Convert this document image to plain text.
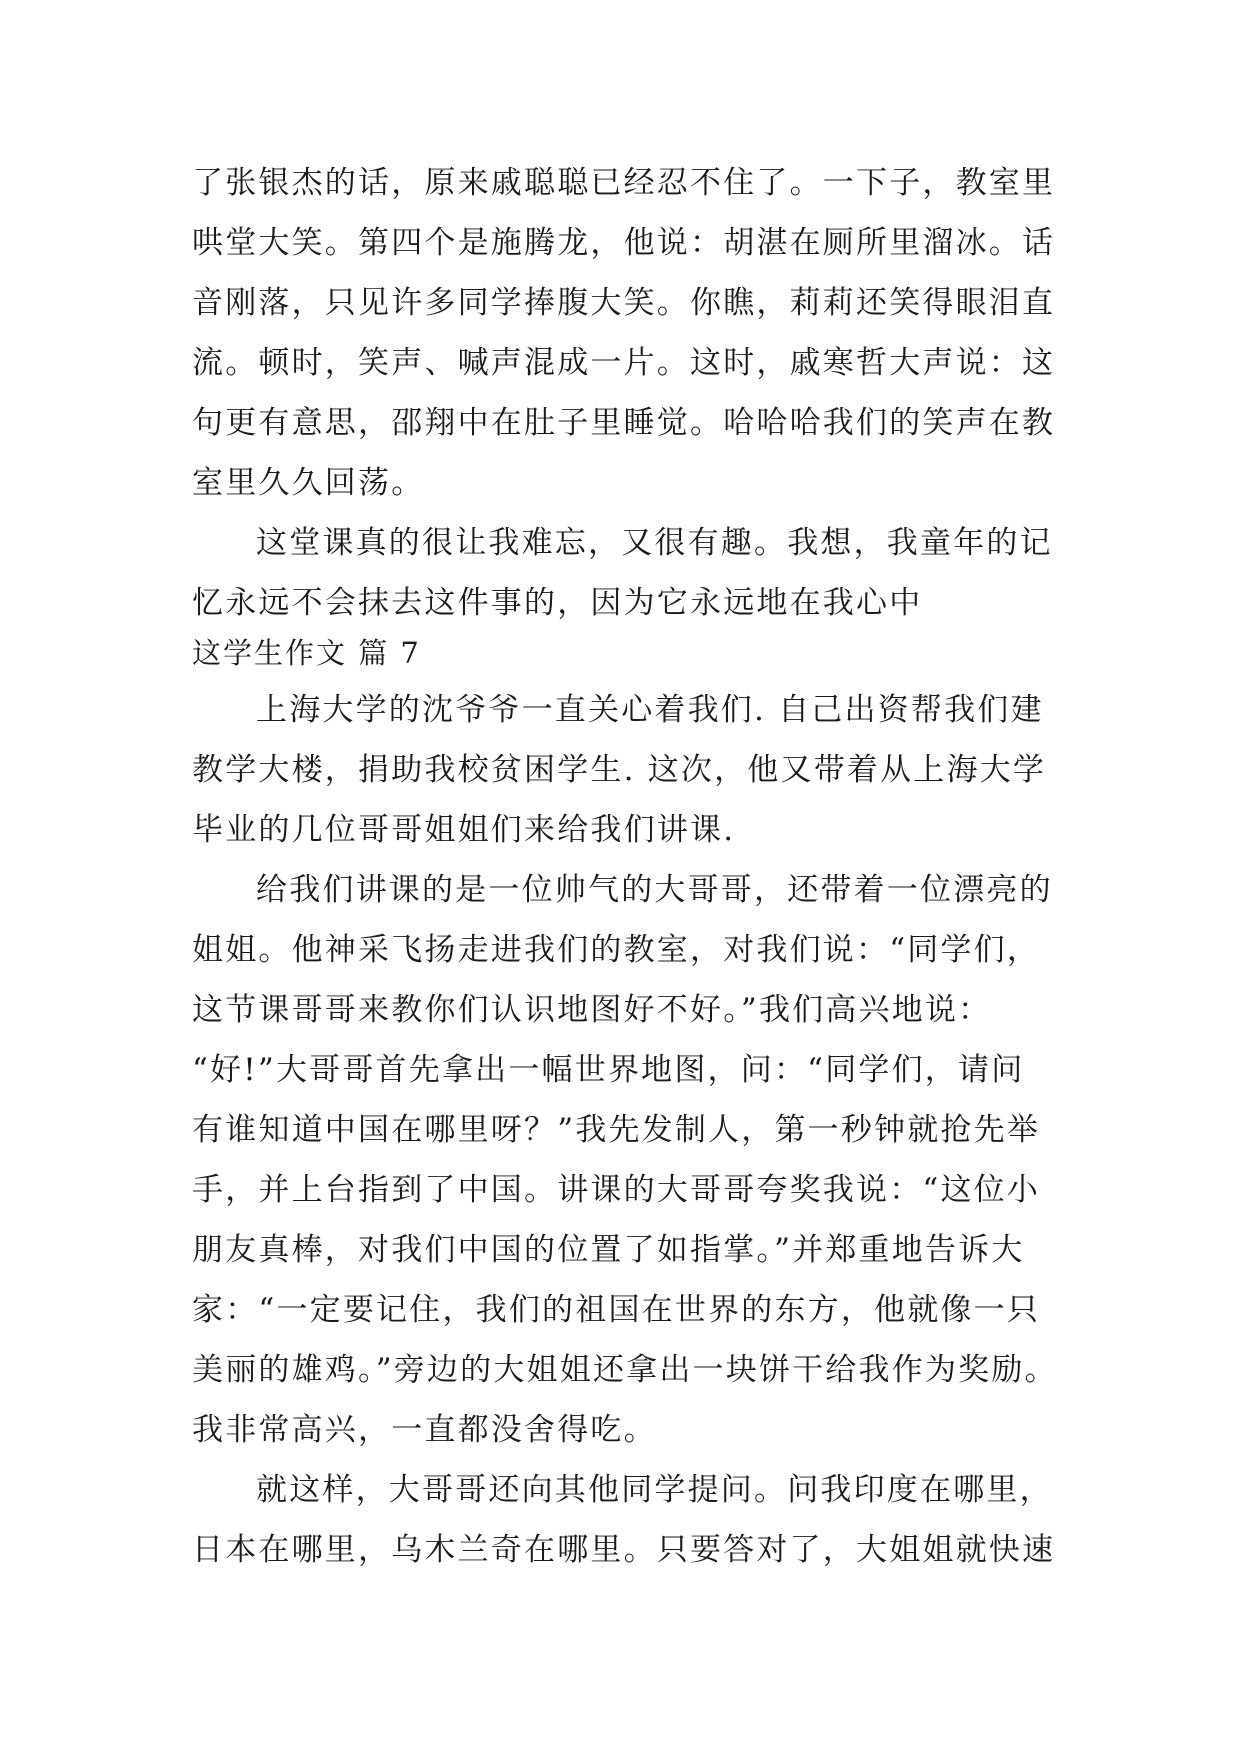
了张银杰的话，原来戚聪聪已经忍不住了。一下子，教室里
哄堂大笑。第四个是施腾龙，他说：胡湛在厕所里溜冰。话
音刚落，只见许多同学捧腹大笑。你瞧，莉莉还笑得眼泪直
流。顿时，笑声、喊声混成一片。这时，戚寒哲大声说：这
句更有意思，邵翔中在肚子里睡觉。哈哈哈我们的笑声在教
室里久久回荡。
这堂课真的很让我难忘，又很有趣。我想，我童年的记
忆永远不会抹去这件事的，因为它永远地在我心中
这学生作文 篇 7
上海大学的沈爷爷一直关心着我们. 自己出资帮我们建
教学大楼，捐助我校贫困学生. 这次，他又带着从上海大学
毕业的几位哥哥姐姐们来给我们讲课.
给我们讲课的是一位帅气的大哥哥，还带着一位漂亮的
姐姐。他神采飞扬走进我们的教室，对我们说：“同学们，
这节课哥哥来教你们认识地图好不好。”我们高兴地说：
“好!”大哥哥首先拿出一幅世界地图，问：“同学们，请问
有谁知道中国在哪里呀？”我先发制人，第一秒钟就抢先举
手，并上台指到了中国。讲课的大哥哥夸奖我说：“这位小
朋友真棒，对我们中国的位置了如指掌。”并郑重地告诉大
家：“一定要记住，我们的祖国在世界的东方，他就像一只
美丽的雄鸡。”旁边的大姐姐还拿出一块饼干给我作为奖励。
我非常高兴，一直都没舍得吃。
就这样，大哥哥还向其他同学提问。问我印度在哪里，
日本在哪里，乌木兰奇在哪里。只要答对了，大姐姐就快速
